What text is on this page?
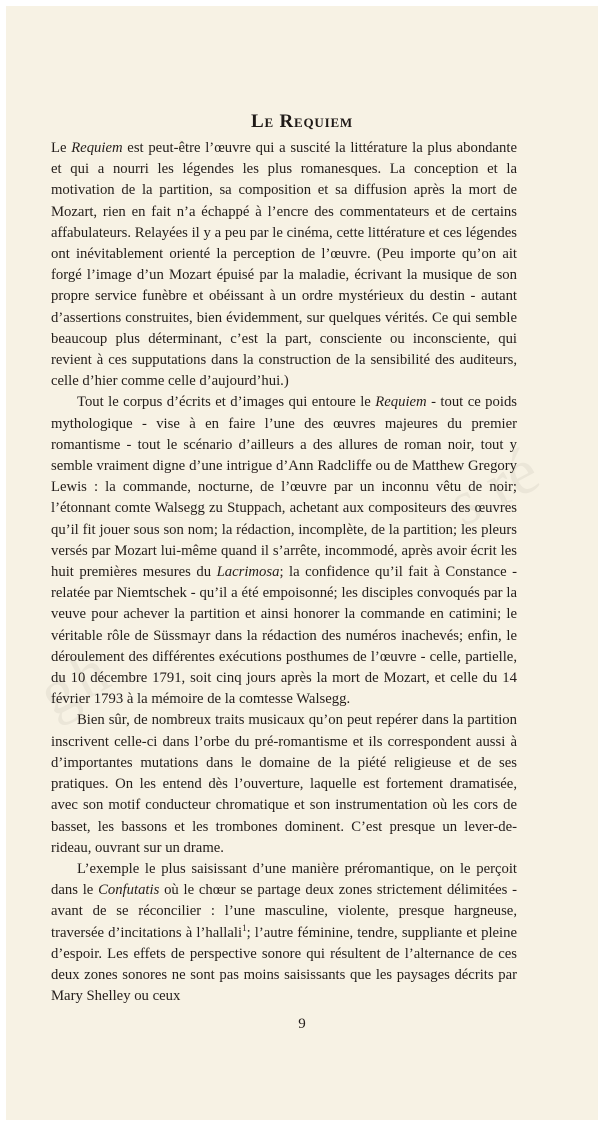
gh
s ré
Le Requiem

Le Requiem est peut-être l’œuvre qui a suscité la littérature la plus abondante et qui a nourri les légendes les plus romanesques. La conception et la motivation de la partition, sa composition et sa diffusion après la mort de Mozart, rien en fait n’a échappé à l’encre des commentateurs et de certains affabulateurs. Relayées il y a peu par le cinéma, cette littérature et ces légendes ont inévitablement orienté la perception de l’œuvre. (Peu importe qu’on ait forgé l’image d’un Mozart épuisé par la maladie, écrivant la musique de son propre service funèbre et obéissant à un ordre mystérieux du destin - autant d’assertions construites, bien évidemment, sur quelques vérités. Ce qui semble beaucoup plus déterminant, c’est la part, consciente ou inconsciente, qui revient à ces supputations dans la construction de la sensibilité des auditeurs, celle d’hier comme celle d’aujourd’hui.)

Tout le corpus d’écrits et d’images qui entoure le Requiem - tout ce poids mythologique - vise à en faire l’une des œuvres majeures du premier romantisme - tout le scénario d’ailleurs a des allures de roman noir, tout y semble vraiment digne d’une intrigue d’Ann Radcliffe ou de Matthew Gregory Lewis : la commande, nocturne, de l’œuvre par un inconnu vêtu de noir; l’étonnant comte Walsegg zu Stuppach, achetant aux compositeurs des œuvres qu’il fit jouer sous son nom; la rédaction, incomplète, de la partition; les pleurs versés par Mozart lui-même quand il s’arrête, incommodé, après avoir écrit les huit premières mesures du Lacrimosa; la confidence qu’il fait à Constance - relatée par Niemtschek - qu’il a été empoisonné; les disciples convoqués par la veuve pour achever la partition et ainsi honorer la commande en catimini; le véritable rôle de Süssmayr dans la rédaction des numéros inachevés; enfin, le déroulement des différentes exécutions posthumes de l’œuvre - celle, partielle, du 10 décembre 1791, soit cinq jours après la mort de Mozart, et celle du 14 février 1793 à la mémoire de la comtesse Walsegg.

Bien sûr, de nombreux traits musicaux qu’on peut repérer dans la partition inscrivent celle-ci dans l’orbe du pré-romantisme et ils correspondent aussi à d’importantes mutations dans le domaine de la piété religieuse et de ses pratiques. On les entend dès l’ouverture, laquelle est fortement dramatisée, avec son motif conducteur chromatique et son instrumentation où les cors de basset, les bassons et les trombones dominent. C’est presque un lever-de-rideau, ouvrant sur un drame.

L’exemple le plus saisissant d’une manière préromantique, on le perçoit dans le Confutatis où le chœur se partage deux zones strictement délimitées - avant de se réconcilier : l’une masculine, violente, presque hargneuse, traversée d’incitations à l’hallali$^1$; l’autre féminine, tendre, suppliante et pleine d’espoir. Les effets de perspective sonore qui résultent de l’alternance de ces deux zones sonores ne sont pas moins saisissants que les paysages décrits par Mary Shelley ou ceux

9
